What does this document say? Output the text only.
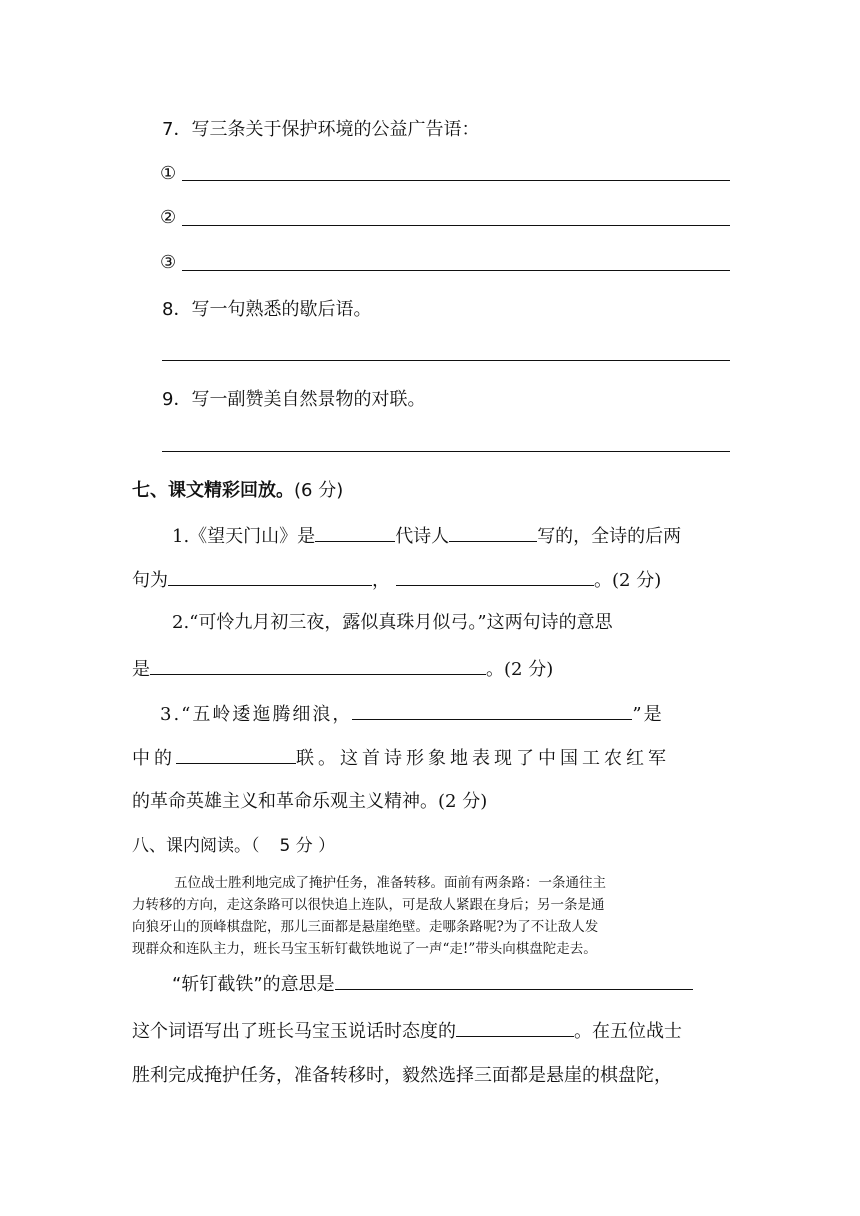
7．写三条关于保护环境的公益广告语：
①
②
③
8．写一句熟悉的歇后语。
9．写一副赞美自然景物的对联。
七、课文精彩回放。(6 分)
1.《望天门山》是	代诗人	写的，全诗的后两
句为	，	。(2 分)
2.“可怜九月初三夜，露似真珠月似弓。”这两句诗的意思
是	。(2 分)
3.“五岭逶迤腾细浪，	”是
中的	联。这首诗形象地表现了中国工农红军
的革命英雄主义和革命乐观主义精神。(2 分)
八、课内阅读。（ 5 分 ）
五位战士胜利地完成了掩护任务，准备转移。面前有两条路：一条通往主
力转移的方向，走这条路可以很快追上连队，可是敌人紧跟在身后；另一条是通
向狼牙山的顶峰棋盘陀，那儿三面都是悬崖绝壁。走哪条路呢?为了不让敌人发
现群众和连队主力，班长马宝玉斩钉截铁地说了一声“走!”带头向棋盘陀走去。
“斩钉截铁”的意思是
这个词语写出了班长马宝玉说话时态度的	。在五位战士
胜利完成掩护任务，准备转移时，毅然选择三面都是悬崖的棋盘陀，
